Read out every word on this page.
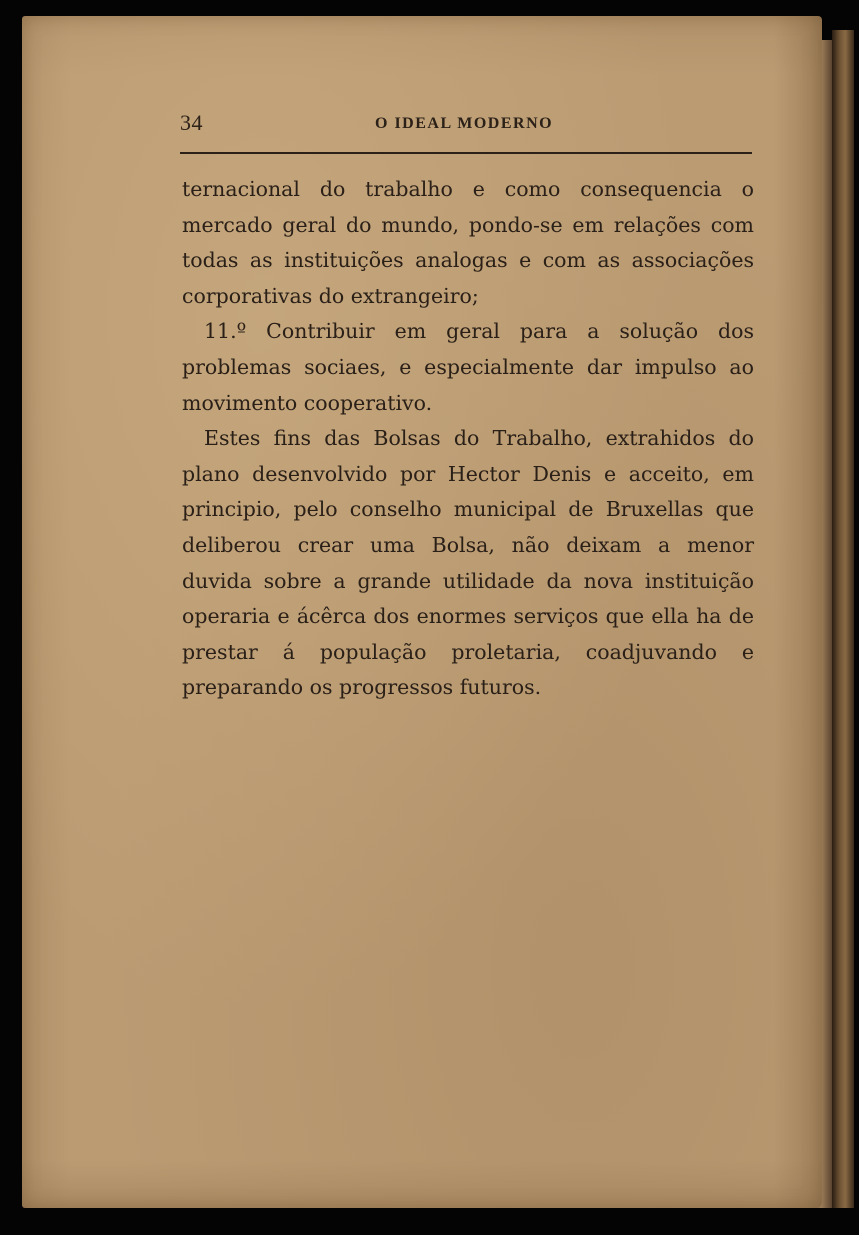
34	O IDEAL MODERNO

ternacional do trabalho e como consequencia o mercado geral do mundo, pondo-se em relações com todas as instituições analogas e com as associações corporativas do extrangeiro;

11.º Contribuir em geral para a solução dos problemas sociaes, e especialmente dar impulso ao movimento cooperativo.

Estes fins das Bolsas do Trabalho, extrahidos do plano desenvolvido por Hector Denis e acceito, em principio, pelo conselho municipal de Bruxellas que deliberou crear uma Bolsa, não deixam a menor duvida sobre a grande utilidade da nova instituição operaria e ácêrca dos enormes serviços que ella ha de prestar á população proletaria, coadjuvando e preparando os progressos futuros.
